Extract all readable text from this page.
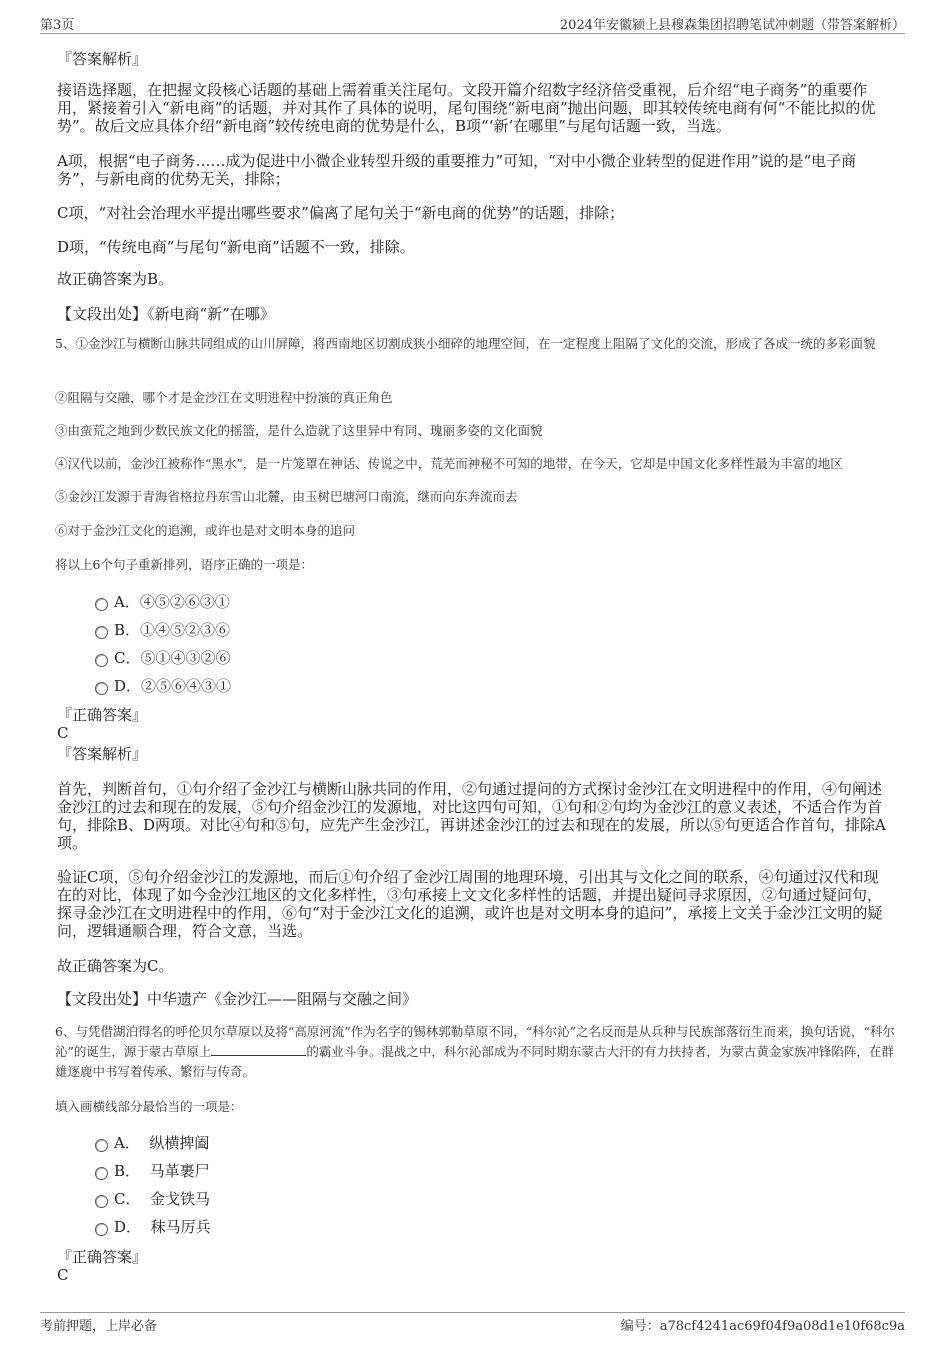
第3页	2024年安徽颍上县穆森集团招聘笔试冲刺题（带答案解析）
『答案解析』
接语选择题，在把握文段核心话题的基础上需着重关注尾句。文段开篇介绍数字经济倍受重视，后介绍“电子商务”的重要作用，紧接着引入“新电商”的话题，并对其作了具体的说明，尾句围绕“新电商”抛出问题，即其较传统电商有何“不能比拟的优势”。故后文应具体介绍“新电商”较传统电商的优势是什么，B项“‘新’在哪里”与尾句话题一致，当选。
A项，根据“电子商务……成为促进中小微企业转型升级的重要推力”可知，“对中小微企业转型的促进作用”说的是“电子商务”，与新电商的优势无关，排除；
C项，“对社会治理水平提出哪些要求”偏离了尾句关于“新电商的优势”的话题，排除；
D项，“传统电商”与尾句“新电商”话题不一致，排除。
故正确答案为B。
【文段出处】《新电商“新”在哪》
5、①金沙江与横断山脉共同组成的山川屏障，将西南地区切割成狭小细碎的地理空间，在一定程度上阻隔了文化的交流，形成了各成一统的多彩面貌
②阻隔与交融，哪个才是金沙江在文明进程中扮演的真正角色
③由蛮荒之地到少数民族文化的摇篮，是什么造就了这里异中有同、瑰丽多姿的文化面貌
④汉代以前，金沙江被称作“黑水”，是一片笼罩在神话、传说之中，荒芜而神秘不可知的地带，在今天，它却是中国文化多样性最为丰富的地区
⑤金沙江发源于青海省格拉丹东雪山北麓，由玉树巴塘河口南流，继而向东奔流而去
⑥对于金沙江文化的追溯，或许也是对文明本身的追问
将以上6个句子重新排列，语序正确的一项是：
A．④⑤②⑥③①
B．①④⑤②③⑥
C．⑤①④③②⑥
D．②⑤⑥④③①
『正确答案』
C
『答案解析』
首先，判断首句，①句介绍了金沙江与横断山脉共同的作用，②句通过提问的方式探讨金沙江在文明进程中的作用，④句阐述金沙江的过去和现在的发展，⑤句介绍金沙江的发源地，对比这四句可知，①句和②句均为金沙江的意义表述，不适合作为首句，排除B、D两项。对比④句和⑤句，应先产生金沙江，再讲述金沙江的过去和现在的发展，所以⑤句更适合作首句，排除A项。
验证C项，⑤句介绍金沙江的发源地，而后①句介绍了金沙江周围的地理环境，引出其与文化之间的联系，④句通过汉代和现在的对比，体现了如今金沙江地区的文化多样性，③句承接上文文化多样性的话题，并提出疑问寻求原因，②句通过疑问句，探寻金沙江在文明进程中的作用，⑥句“对于金沙江文化的追溯，或许也是对文明本身的追问”，承接上文关于金沙江文明的疑问，逻辑通顺合理，符合文意，当选。
故正确答案为C。
【文段出处】中华遗产《金沙江——阻隔与交融之间》
6、与凭借湖泊得名的呼伦贝尔草原以及将“高原河流”作为名字的锡林郭勒草原不同，“科尔沁”之名反而是从兵种与民族部落衍生而来，换句话说，“科尔沁”的诞生，源于蒙古草原上	的霸业斗争。混战之中，科尔沁部成为不同时期东蒙古大汗的有力扶持者，为蒙古黄金家族冲锋陷阵，在群雄逐鹿中书写着传承、繁衍与传奇。
填入画横线部分最恰当的一项是：
A． 纵横捭阖
B． 马革裹尸
C． 金戈铁马
D． 秣马厉兵
『正确答案』
C
考前押题，上岸必备	编号：a78cf4241ac69f04f9a08d1e10f68c9a
